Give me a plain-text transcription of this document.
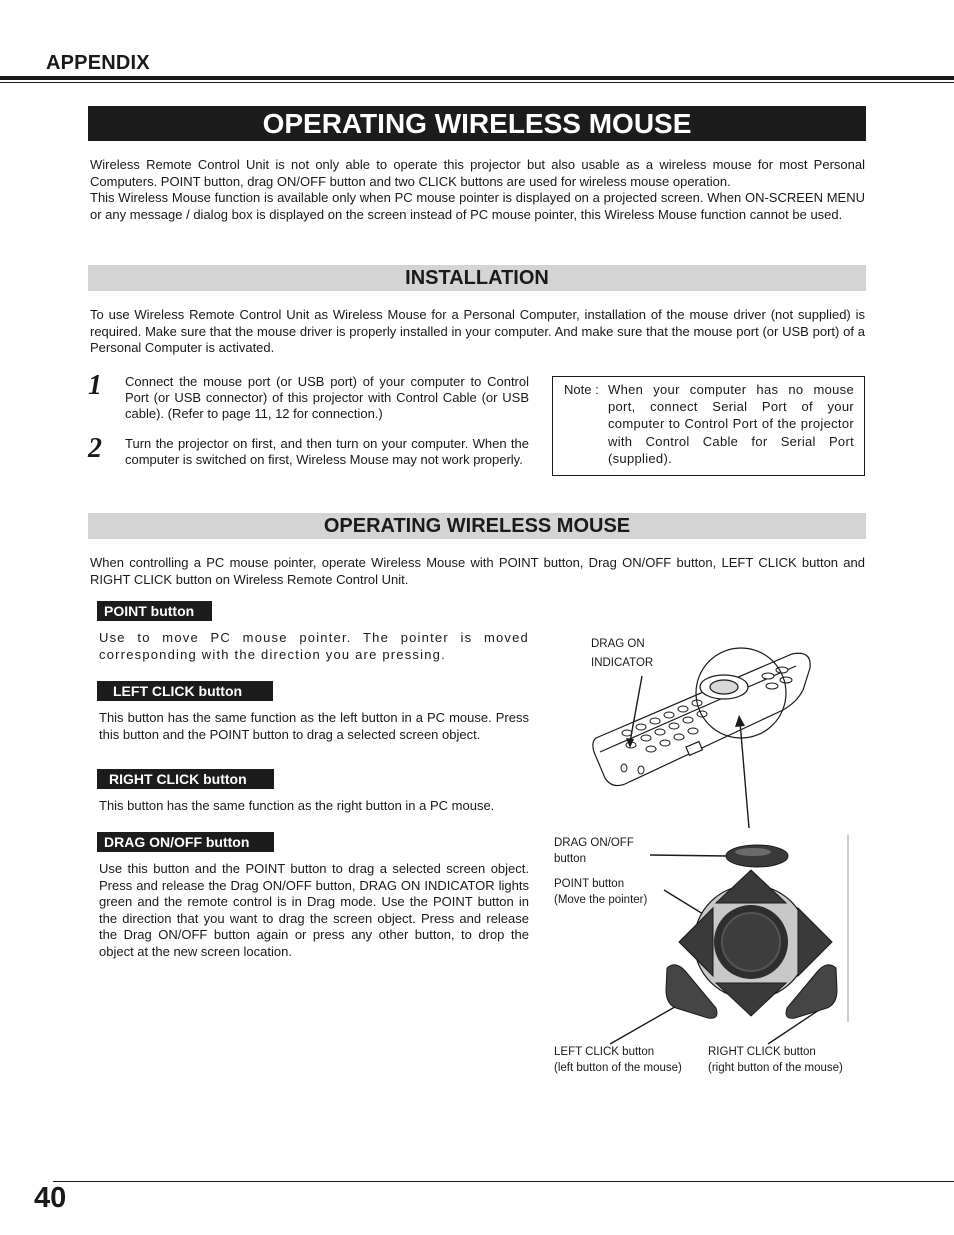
APPENDIX
OPERATING WIRELESS MOUSE

Wireless Remote Control Unit is not only able to operate this projector but also usable as a wireless mouse for most Personal Computers. POINT button, drag ON/OFF button and two CLICK buttons are used for wireless mouse operation.

This Wireless Mouse function is available only when PC mouse pointer is displayed on a projected screen. When ON-SCREEN MENU or any message / dialog box is displayed on the screen instead of PC mouse pointer, this Wireless Mouse function cannot be used.

INSTALLATION
To use Wireless Remote Control Unit as Wireless Mouse for a Personal Computer, installation of the mouse driver (not supplied) is required. Make sure that the mouse driver is properly installed in your computer. And make sure that the mouse port (or USB port) of a Personal Computer is activated.
1 Connect the mouse port (or USB port) of your computer to Control Port (or USB connector) of this projector with Control Cable (or USB cable). (Refer to page 11, 12 for connection.)
2 Turn the projector on first, and then turn on your computer. When the computer is switched on first, Wireless Mouse may not work properly.
Note : When your computer has no mouse port, connect Serial Port of your computer to Control Port of the projector with Control Cable for Serial Port (supplied).
OPERATING WIRELESS MOUSE
When controlling a PC mouse pointer, operate Wireless Mouse with POINT button, Drag ON/OFF button, LEFT CLICK button and RIGHT CLICK button on Wireless Remote Control Unit.
POINT button
Use to move PC mouse pointer. The pointer is moved corresponding with the direction you are pressing.
LEFT CLICK button
This button has the same function as the left button in a PC mouse. Press this button and the POINT button to drag a selected screen object.
RIGHT CLICK button
This button has the same function as the right button in a PC mouse.
DRAG ON/OFF button
Use this button and the POINT button to drag a selected screen object. Press and release the Drag ON/OFF button, DRAG ON INDICATOR lights green and the remote control is in Drag mode. Use the POINT button in the direction that you want to drag the screen object. Press and release the Drag ON/OFF button again or press any other button, to drop the object at the new screen location.
DRAG ON
INDICATOR
DRAG ON/OFF
button
POINT button
(Move the pointer)
LEFT CLICK button
(left button of the mouse)
RIGHT CLICK button
(right button of the mouse)
40
